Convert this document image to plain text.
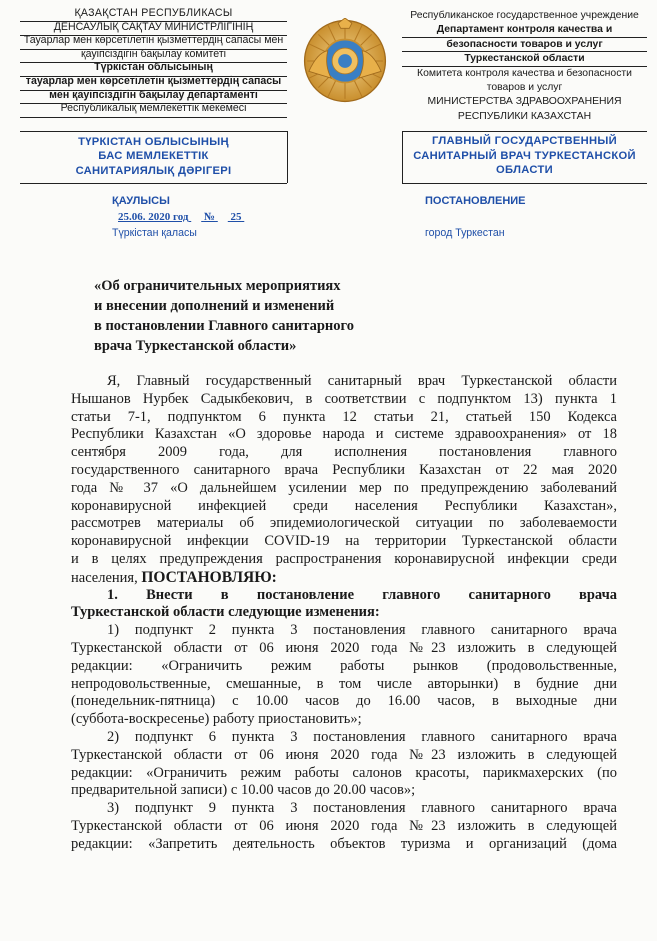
ҚАЗАҚСТАН РЕСПУБЛИКАСЫ
ДЕНСАУЛЫҚ САҚТАУ МИНИСТРЛІГІНІҢ
Тауарлар мен көрсетілетін қызметтердің сапасы мен
қауіпсіздігін бақылау комитеті
Түркістан облысының
тауарлар мен көрсетілетін қызметтердің сапасы
мен қауіпсіздігін бақылау департаменті
Республикалық мемлекеттік мекемесі
Республиканское государственное учреждение
Департамент контроля качества и
безопасности товаров и услуг
Туркестанской области
Комитета контроля качества и безопасности
товаров и услуг
МИНИСТЕРСТВА ЗДРАВООХРАНЕНИЯ
РЕСПУБЛИКИ КАЗАХСТАН
ТҮРКІСТАН ОБЛЫСЫНЫҢ
БАС МЕМЛЕКЕТТІК
САНИТАРИЯЛЫҚ ДӘРІГЕРІ
ГЛАВНЫЙ ГОСУДАРСТВЕННЫЙ
САНИТАРНЫЙ ВРАЧ ТУРКЕСТАНСКОЙ
ОБЛАСТИ
ҚАУЛЫСЫ	ПОСТАНОВЛЕНИЕ
25.06. 2020 год № 25
Түркістан қаласы	город Туркестан
«Об ограничительных мероприятиях
и внесении дополнений и изменений
в постановлении Главного санитарного
врача Туркестанской области»
Я, Главный государственный санитарный врач Туркестанской области
Нышанов Нурбек Садыкбекович, в соответствии с подпунктом 13) пункта 1
статьи 7-1, подпунктом 6 пункта 12 статьи 21, статьей 150 Кодекса
Республики Казахстан «О здоровье народа и системе здравоохранения» от 18
сентября 2009 года, для исполнения постановления главного
государственного санитарного врача Республики Казахстан от 22 мая 2020
года № 37 «О дальнейшем усилении мер по предупреждению заболеваний
коронавирусной инфекцией среди населения Республики Казахстан»,
рассмотрев материалы об эпидемиологической ситуации по заболеваемости
коронавирусной инфекции COVID-19 на территории Туркестанской области
и в целях предупреждения распространения коронавирусной инфекции среди
населения, ПОСТАНОВЛЯЮ:
1. Внести в постановление главного санитарного врача
Туркестанской области следующие изменения:
1) подпункт 2 пункта 3 постановления главного санитарного врача
Туркестанской области от 06 июня 2020 года №23 изложить в следующей
редакции: «Ограничить режим работы рынков (продовольственные,
непродовольственные, смешанные, в том числе авторынки) в будние дни
(понедельник-пятница) с 10.00 часов до 16.00 часов, в выходные дни
(суббота-воскресенье) работу приостановить»;
2) подпункт 6 пункта 3 постановления главного санитарного врача
Туркестанской области от 06 июня 2020 года №23 изложить в следующей
редакции: «Ограничить режим работы салонов красоты, парикмахерских (по
предварительной записи) с 10.00 часов до 20.00 часов»;
3) подпункт 9 пункта 3 постановления главного санитарного врача
Туркестанской области от 06 июня 2020 года №23 изложить в следующей
редакции: «Запретить деятельность объектов туризма и организаций (дома
